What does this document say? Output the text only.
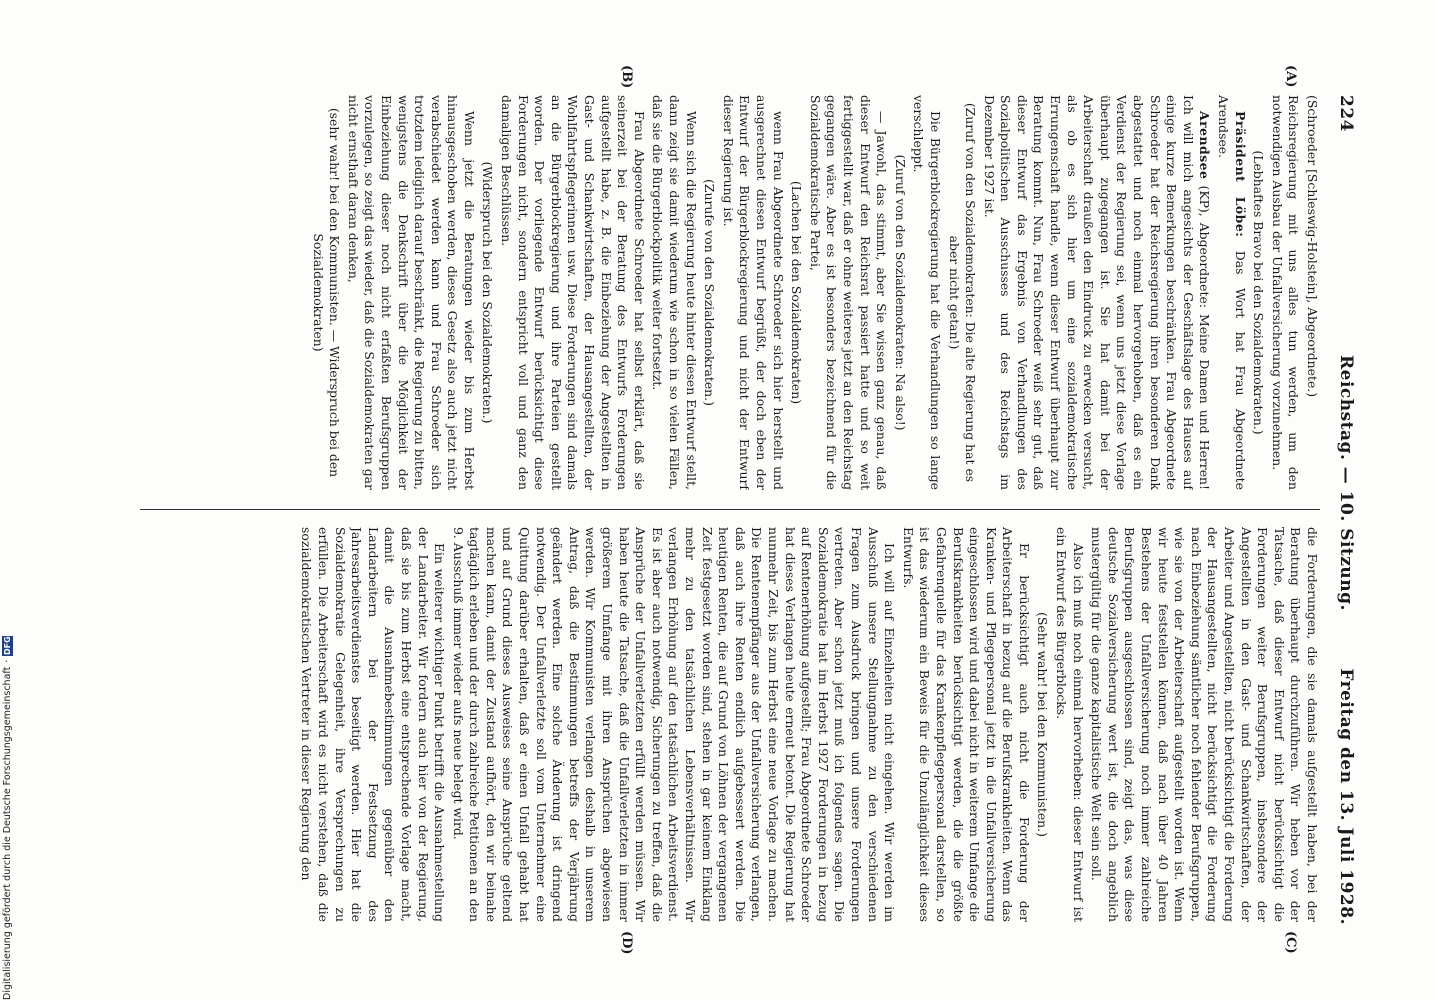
224
Reichstag. — 10. Sitzung.
Freitag den 13. Juli 1928.
(A)
(B)
(C)
(D)

(Schroeder [Schleswig-Holstein], Abgeordnete.)

Reichsregierung mit uns alles tun werden, um den notwendigen Ausbau der Unfallversicherung vorzunehmen.

(Lebhaftes Bravo bei den Sozialdemokraten.)

Präsident Löbe: Das Wort hat Frau Abgeordnete Arendsee.

Arendsee (KP), Abgeordnete: Meine Damen und Herren! Ich will mich angesichts der Geschäftslage des Hauses auf einige kurze Bemerkungen beschränken. Frau Abgeordnete Schroeder hat der Reichsregierung ihren besonderen Dank abgestattet und noch einmal hervorgehoben, daß es ein Verdienst der Regierung sei, wenn uns jetzt diese Vorlage überhaupt zugegangen ist. Sie hat damit bei der Arbeiterschaft draußen den Eindruck zu erwecken versucht, als ob es sich hier um eine sozialdemokratische Errungenschaft handle, wenn dieser Entwurf überhaupt zur Beratung kommt. Nun, Frau Schroeder weiß sehr gut, daß dieser Entwurf das Ergebnis von Verhandlungen des Sozialpolitischen Ausschusses und des Reichstags im Dezember 1927 ist.

(Zuruf von den Sozialdemokraten: Die alte Regierung hat es aber nicht getan!)

Die Bürgerblockregierung hat die Verhandlungen so lange verschleppt.

(Zuruf von den Sozialdemokraten: Na also!)

— Jawohl, das stimmt, aber Sie wissen ganz genau, daß dieser Entwurf den Reichsrat passiert hatte und so weit fertiggestellt war, daß er ohne weiteres jetzt an den Reichstag gegangen wäre. Aber es ist besonders bezeichnend für die Sozialdemokratische Partei,

(Lachen bei den Sozialdemokraten)

wenn Frau Abgeordnete Schroeder sich hier herstellt und ausgerechnet diesen Entwurf begrüßt, der doch eben der Entwurf der Bürgerblockregierung und nicht der Entwurf dieser Regierung ist.

(Zurufe von den Sozialdemokraten.)

Wenn sich die Regierung heute hinter diesen Entwurf stellt, dann zeigt sie damit wiederum wie schon in so vielen Fällen, daß sie die Bürgerblockpolitik weiter fortsetzt.

Frau Abgeordnete Schroeder hat selbst erklärt, daß sie seinerzeit bei der Beratung des Entwurfs Forderungen aufgestellt habe, z. B. die Einbeziehung der Angestellten in Gast- und Schankwirtschaften, der Hausangestellten, der Wohlfahrtspflegerinnen usw. Diese Forderungen sind damals an die Bürgerblockregierung und ihre Parteien gestellt worden. Der vorliegende Entwurf berücksichtigt diese Forderungen nicht, sondern entspricht voll und ganz den damaligen Beschlüssen.

(Widerspruch bei den Sozialdemokraten.)

Wenn jetzt die Beratungen wieder bis zum Herbst hinausgeschoben werden, dieses Gesetz also auch jetzt nicht verabschiedet werden kann und Frau Schroeder sich trotzdem lediglich darauf beschränkt, die Regierung zu bitten, wenigstens die Denkschrift über die Möglichkeit der Einbeziehung dieser noch nicht erfaßten Berufsgruppen vorzulegen, so zeigt das wieder, daß die Sozialdemokraten gar nicht ernsthaft daran denken,

(sehr wahr! bei den Kommunisten. — Widerspruch bei den Sozialdemokraten)

die Forderungen, die sie damals aufgestellt haben, bei der Beratung überhaupt durchzuführen. Wir heben vor der Tatsache, daß dieser Entwurf nicht berücksichtigt die Forderungen weiter Berufsgruppen, insbesondere der Angestellten in den Gast- und Schankwirtschaften, der Arbeiter und Angestellten, nicht berücksichtigt die Forderung der Hausangestellten, nicht berücksichtigt die Forderung nach Einbeziehung sämtlicher noch fehlender Berufsgruppen, wie sie von der Arbeiterschaft aufgestellt worden ist. Wenn wir heute feststellen können, daß nach über 40 Jahren Bestehens der Unfallversicherung noch immer zahlreiche Berufsgruppen ausgeschlossen sind, zeigt das, was diese deutsche Sozialversicherung wert ist, die doch angeblich mustergültig für die ganze kapitalistische Welt sein soll.

Also ich muß noch einmal hervorheben: dieser Entwurf ist ein Entwurf des Bürgerblocks.

(Sehr wahr! bei den Kommunisten.)

Er berücksichtigt auch nicht die Forderung der Arbeiterschaft in bezug auf die Berufskrankheiten. Wenn das Kranken- und Pflegepersonal jetzt in die Unfallversicherung eingeschlossen wird und dabei nicht in weiterem Umfange die Berufskrankheiten berücksichtigt werden, die die größte Gefahrenquelle für das Krankenpflegepersonal darstellen, so ist das wiederum ein Beweis für die Unzulänglichkeit dieses Entwurfs.

Ich will auf Einzelheiten nicht eingehen. Wir werden im Ausschuß unsere Stellungnahme zu den verschiedenen Fragen zum Ausdruck bringen und unsere Forderungen vertreten. Aber schon jetzt muß ich folgendes sagen. Die Sozialdemokratie hat im Herbst 1927 Forderungen in bezug auf Rentenerhöhung aufgestellt; Frau Abgeordnete Schroeder hat dieses Verlangen heute erneut betont. Die Regierung hat nunmehr Zeit, bis zum Herbst eine neue Vorlage zu machen. Die Rentenempfänger aus der Unfallversicherung verlangen, daß auch ihre Renten endlich aufgebessert werden. Die heutigen Renten, die auf Grund von Löhnen der vergangenen Zeit festgesetzt worden sind, stehen in gar keinem Einklang mehr zu den tatsächlichen Lebensverhältnissen. Wir verlangen Erhöhung auf den tatsächlichen Arbeitsverdienst. Es ist aber auch notwendig, Sicherungen zu treffen, daß die Ansprüche der Unfallverletzten erfüllt werden müssen. Wir haben heute die Tatsache, daß die Unfallverletzten in immer größerem Umfange mit ihren Ansprüchen abgewiesen werden. Wir Kommunisten verlangen deshalb in unserem Antrag, daß die Bestimmungen betreffs der Verjährung geändert werden. Eine solche Änderung ist dringend notwendig. Der Unfallverletzte soll vom Unternehmer eine Quittung darüber erhalten, daß er einen Unfall gehabt hat und auf Grund dieses Ausweises seine Ansprüche geltend machen kann, damit der Zustand aufhört, den wir beinahe tagtäglich erleben und der durch zahlreiche Petitionen an den 9. Ausschuß immer wieder aufs neue belegt wird.

Ein weiterer wichtiger Punkt betrifft die Ausnahmestellung der Landarbeiter. Wir fordern auch hier von der Regierung, daß sie bis zum Herbst eine entsprechende Vorlage macht, damit die Ausnahmebestimmungen gegenüber den Landarbeitern bei der Festsetzung des Jahresarbeitsverdienstes beseitigt werden. Hier hat die Sozialdemokratie Gelegenheit, ihre Versprechungen zu erfüllen. Die Arbeiterschaft wird es nicht verstehen, daß die sozialdemokratischen Vertreter in dieser Regierung den

Digitalisierung gefördert durch die Deutsche Forschungsgemeinschaft
·
DFG
